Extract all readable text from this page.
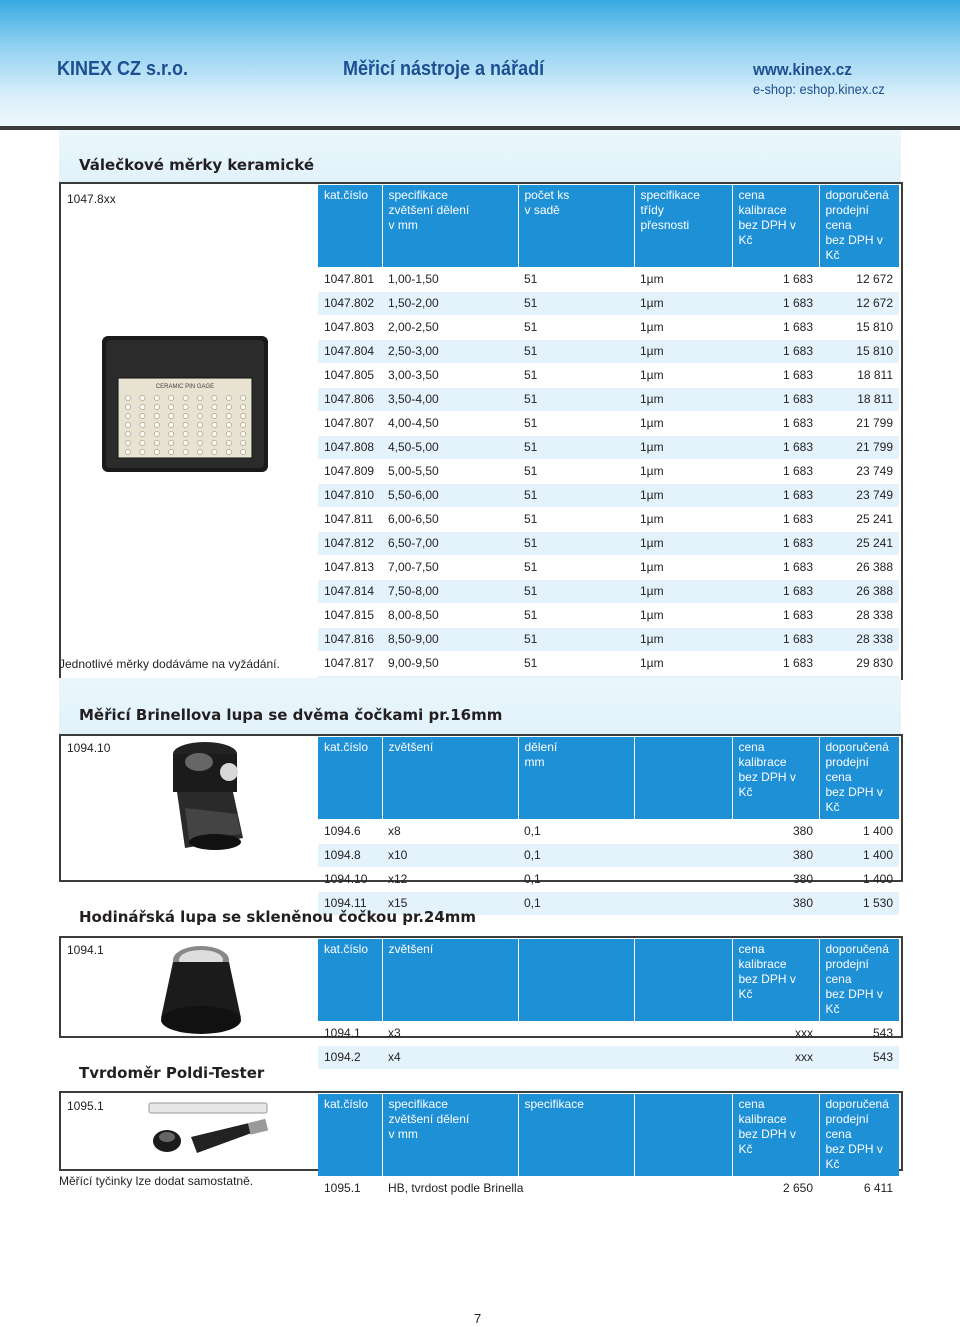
KINEX CZ s.r.o.	Měřicí nástroje a nářadí	www.kinex.cz
e-shop: eshop.kinex.cz
Válečkové měrky keramické
1047.8xx
Jednotlivé měrky dodáváme na vyžádání.
CERAMIC PIN GAGE
kat.číslo	specifikace
zvětšení dělení
v mm	počet ks
v sadě	specifikace
třídy
přesnosti	cena
kalibrace
bez DPH v Kč	doporučená
prodejní cena
bez DPH v Kč
1047.801	1,00-1,50	51	1µm	1 683	12 672
1047.802	1,50-2,00	51	1µm	1 683	12 672
1047.803	2,00-2,50	51	1µm	1 683	15 810
1047.804	2,50-3,00	51	1µm	1 683	15 810
1047.805	3,00-3,50	51	1µm	1 683	18 811
1047.806	3,50-4,00	51	1µm	1 683	18 811
1047.807	4,00-4,50	51	1µm	1 683	21 799
1047.808	4,50-5,00	51	1µm	1 683	21 799
1047.809	5,00-5,50	51	1µm	1 683	23 749
1047.810	5,50-6,00	51	1µm	1 683	23 749
1047.811	6,00-6,50	51	1µm	1 683	25 241
1047.812	6,50-7,00	51	1µm	1 683	25 241
1047.813	7,00-7,50	51	1µm	1 683	26 388
1047.814	7,50-8,00	51	1µm	1 683	26 388
1047.815	8,00-8,50	51	1µm	1 683	28 338
1047.816	8,50-9,00	51	1µm	1 683	28 338
1047.817	9,00-9,50	51	1µm	1 683	29 830

Měřicí Brinellova lupa se dvěma čočkami pr.16mm
1094.10	kat.číslo	zvětšení	dělení
mm		cena
kalibrace
bez DPH v Kč	doporučená
prodejní cena
bez DPH v Kč
1094.6	x8	0,1		380	1 400
1094.8	x10	0,1		380	1 400
1094.10	x12	0,1		380	1 400
1094.11	x15	0,1		380	1 530
Hodinářská lupa se skleněnou čočkou pr.24mm
1094.1	kat.číslo	zvětšení			cena
kalibrace
bez DPH v Kč	doporučená
prodejní cena
bez DPH v Kč
1094.1	x3			xxx	543
1094.2	x4			xxx	543
Tvrdoměr Poldi-Tester
1095.1
Měřící tyčinky lze dodat samostatně.
kat.číslo	specifikace
zvětšení dělení
v mm	specifikace		cena
kalibrace
bez DPH v Kč	doporučená
prodejní cena
bez DPH v Kč
1095.1	HB, tvrdost podle Brinella			2 650	6 411
7
